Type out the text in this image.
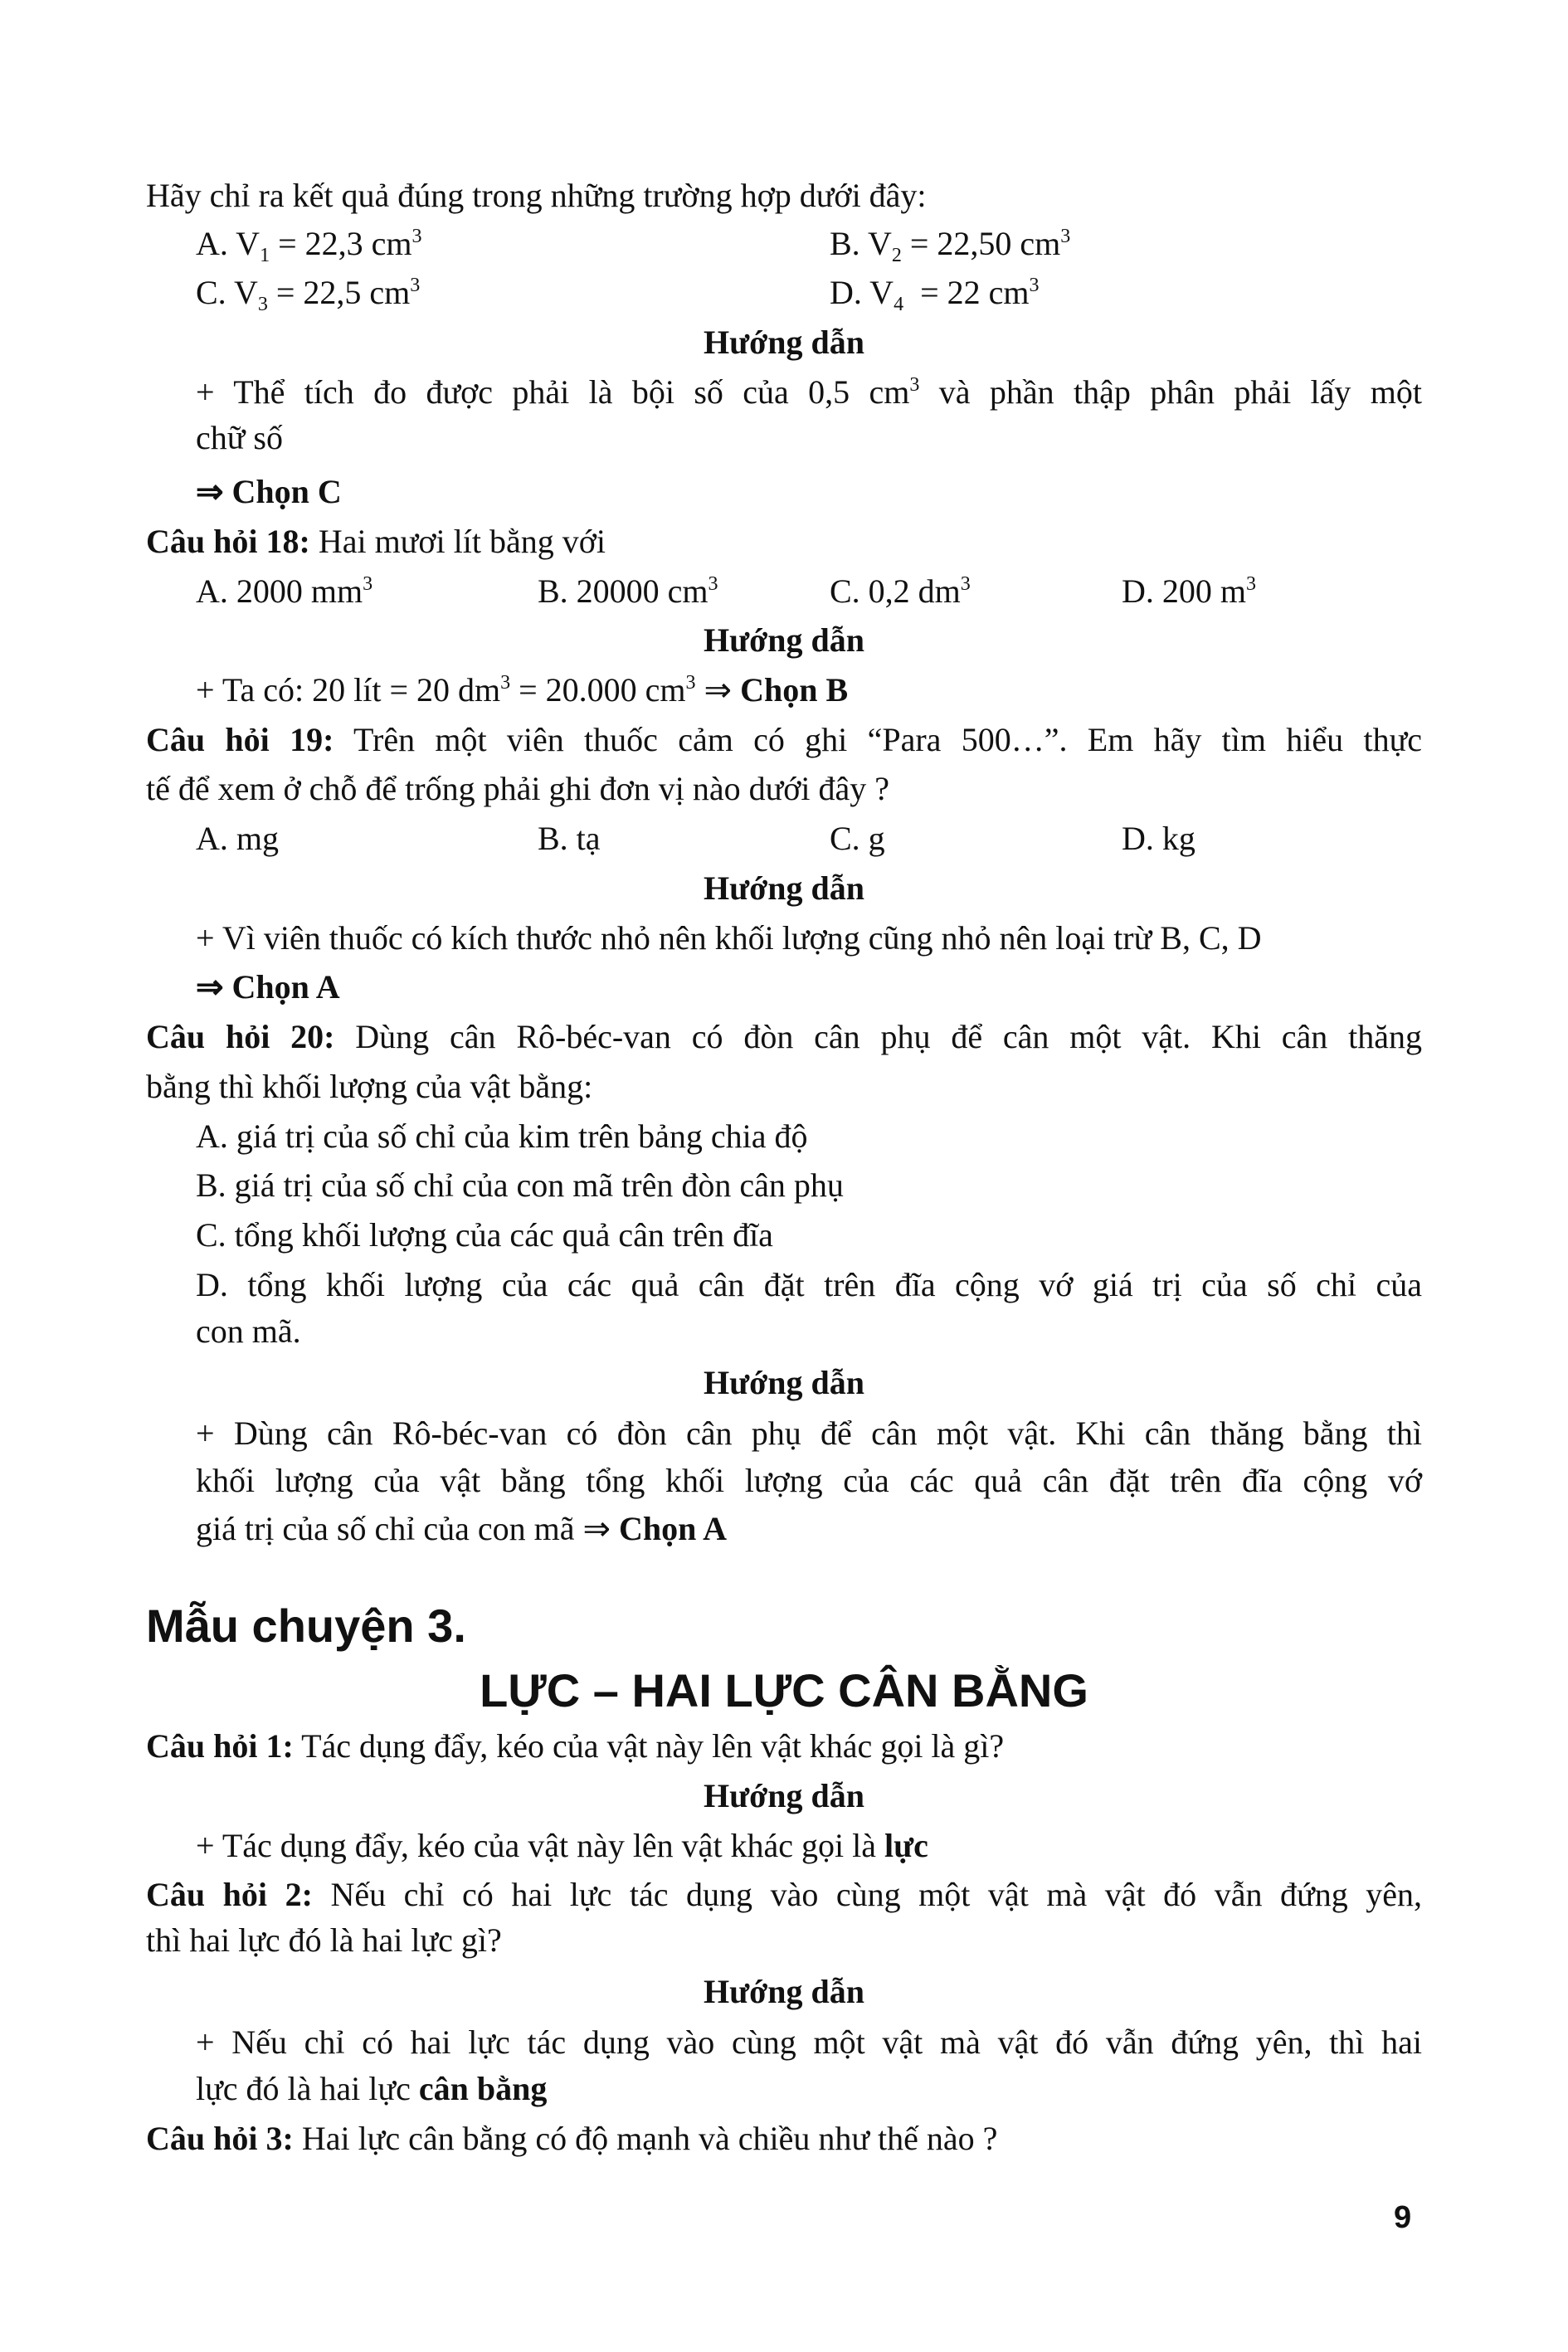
Hãy chỉ ra kết quả đúng trong những trường hợp dưới đây:
A. $V_1 = 22,3$ $cm^3$	B. $V_2 = 22,50$ $cm^3$
C. $V_3 = 22,5$ $cm^3$	D. $V_4 = 22$ $cm^3$
Hướng dẫn
+ Thể tích đo được phải là bội số của 0,5 $cm^3$ và phần thập phân phải lấy một
chữ số
⇒ Chọn C
Câu hỏi 18: Hai mươi lít bằng với
A. 2000 $mm^3$	B. 20000 $cm^3$	C. 0,2 $dm^3$	D. 200 $m^3$
Hướng dẫn
+ Ta có: 20 lít = 20 $dm^3 = 20.000$ $cm^3$ ⇒ Chọn B
Câu hỏi 19: Trên một viên thuốc cảm có ghi “Para 500…”. Em hãy tìm hiểu thực
tế để xem ở chỗ để trống phải ghi đơn vị nào dưới đây ?
A. mg	B. tạ	C. g	D. kg
Hướng dẫn
+ Vì viên thuốc có kích thước nhỏ nên khối lượng cũng nhỏ nên loại trừ B, C, D
⇒ Chọn A
Câu hỏi 20: Dùng cân Rô-béc-van có đòn cân phụ để cân một vật. Khi cân thăng
bằng thì khối lượng của vật bằng:
A. giá trị của số chỉ của kim trên bảng chia độ
B. giá trị của số chỉ của con mã trên đòn cân phụ
C. tổng khối lượng của các quả cân trên đĩa
D. tổng khối lượng của các quả cân đặt trên đĩa cộng vớ giá trị của số chỉ của
con mã.
Hướng dẫn
+ Dùng cân Rô-béc-van có đòn cân phụ để cân một vật. Khi cân thăng bằng thì
khối lượng của vật bằng tổng khối lượng của các quả cân đặt trên đĩa cộng vớ
giá trị của số chỉ của con mã ⇒ Chọn A
Mẫu chuyện 3.
LỰC – HAI LỰC CÂN BẰNG
Câu hỏi 1: Tác dụng đẩy, kéo của vật này lên vật khác gọi là gì?
Hướng dẫn
+ Tác dụng đẩy, kéo của vật này lên vật khác gọi là lực
Câu hỏi 2: Nếu chỉ có hai lực tác dụng vào cùng một vật mà vật đó vẫn đứng yên,
thì hai lực đó là hai lực gì?
Hướng dẫn
+ Nếu chỉ có hai lực tác dụng vào cùng một vật mà vật đó vẫn đứng yên, thì hai
lực đó là hai lực cân bằng
Câu hỏi 3: Hai lực cân bằng có độ mạnh và chiều như thế nào ?
9
